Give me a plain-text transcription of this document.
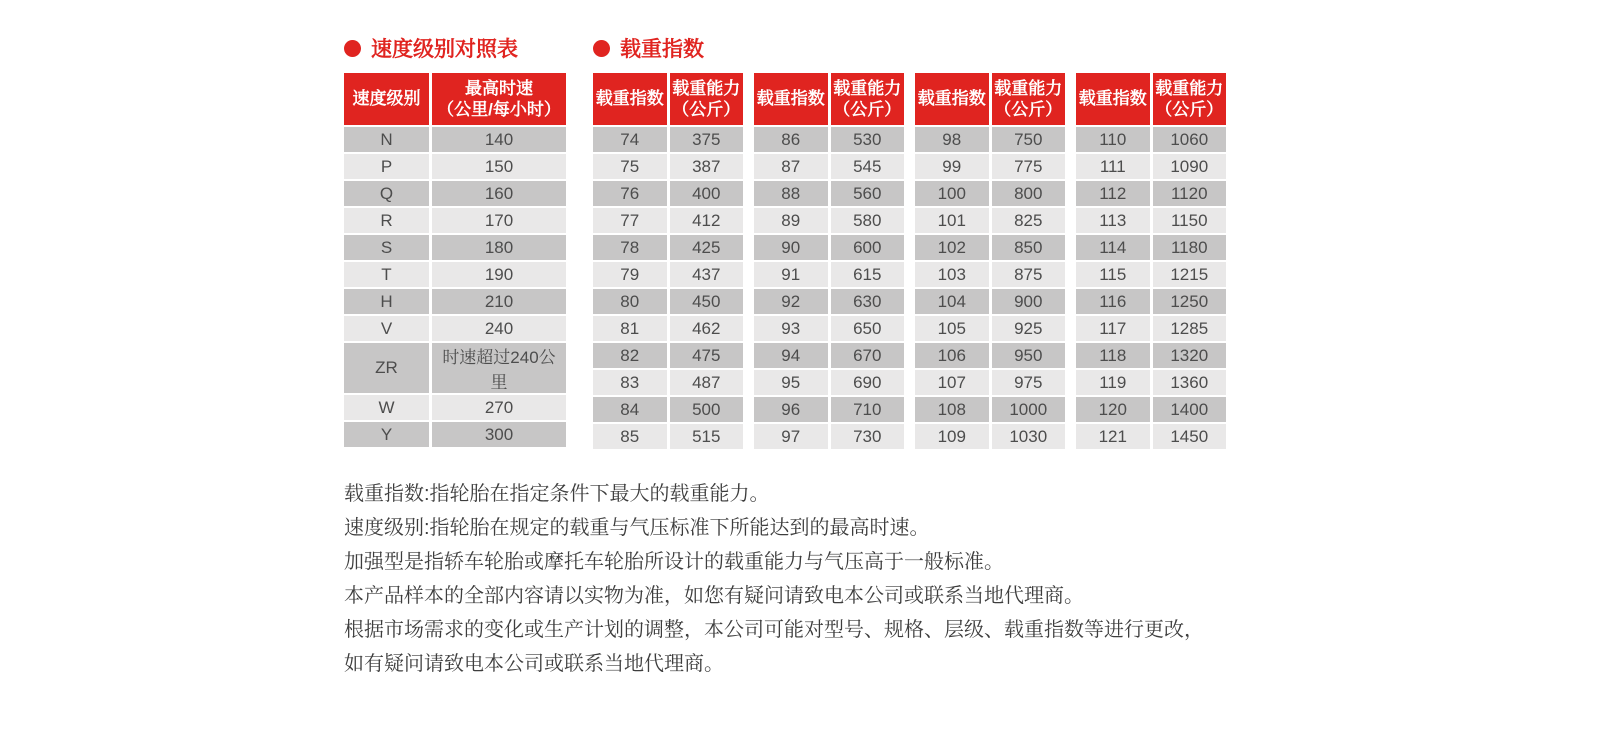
速度级别对照表	载重指数
速度级别	最高时速
（公里/每小时）

N	140
P	150
Q	160
R	170
S	180
T	190
H	210
V	240
ZR	时速超过240公里
W	270
Y	300
载重指数	载重能力
（公斤）

74	375
75	387
76	400
77	412
78	425
79	437
80	450
81	462
82	475
83	487
84	500
85	515
载重指数	载重能力
（公斤）

86	530
87	545
88	560
89	580
90	600
91	615
92	630
93	650
94	670
95	690
96	710
97	730
载重指数	载重能力
（公斤）

98	750
99	775
100	800
101	825
102	850
103	875
104	900
105	925
106	950
107	975
108	1000
109	1030
载重指数	载重能力
（公斤）

110	1060
111	1090
112	1120
113	1150
114	1180
115	1215
116	1250
117	1285
118	1320
119	1360
120	1400
121	1450

载重指数:指轮胎在指定条件下最大的载重能力。

速度级别:指轮胎在规定的载重与气压标准下所能达到的最高时速。

加强型是指轿车轮胎或摩托车轮胎所设计的载重能力与气压高于一般标准。

本产品样本的全部内容请以实物为准，如您有疑问请致电本公司或联系当地代理商。

根据市场需求的变化或生产计划的调整，本公司可能对型号、规格、层级、载重指数等进行更改，

如有疑问请致电本公司或联系当地代理商。
